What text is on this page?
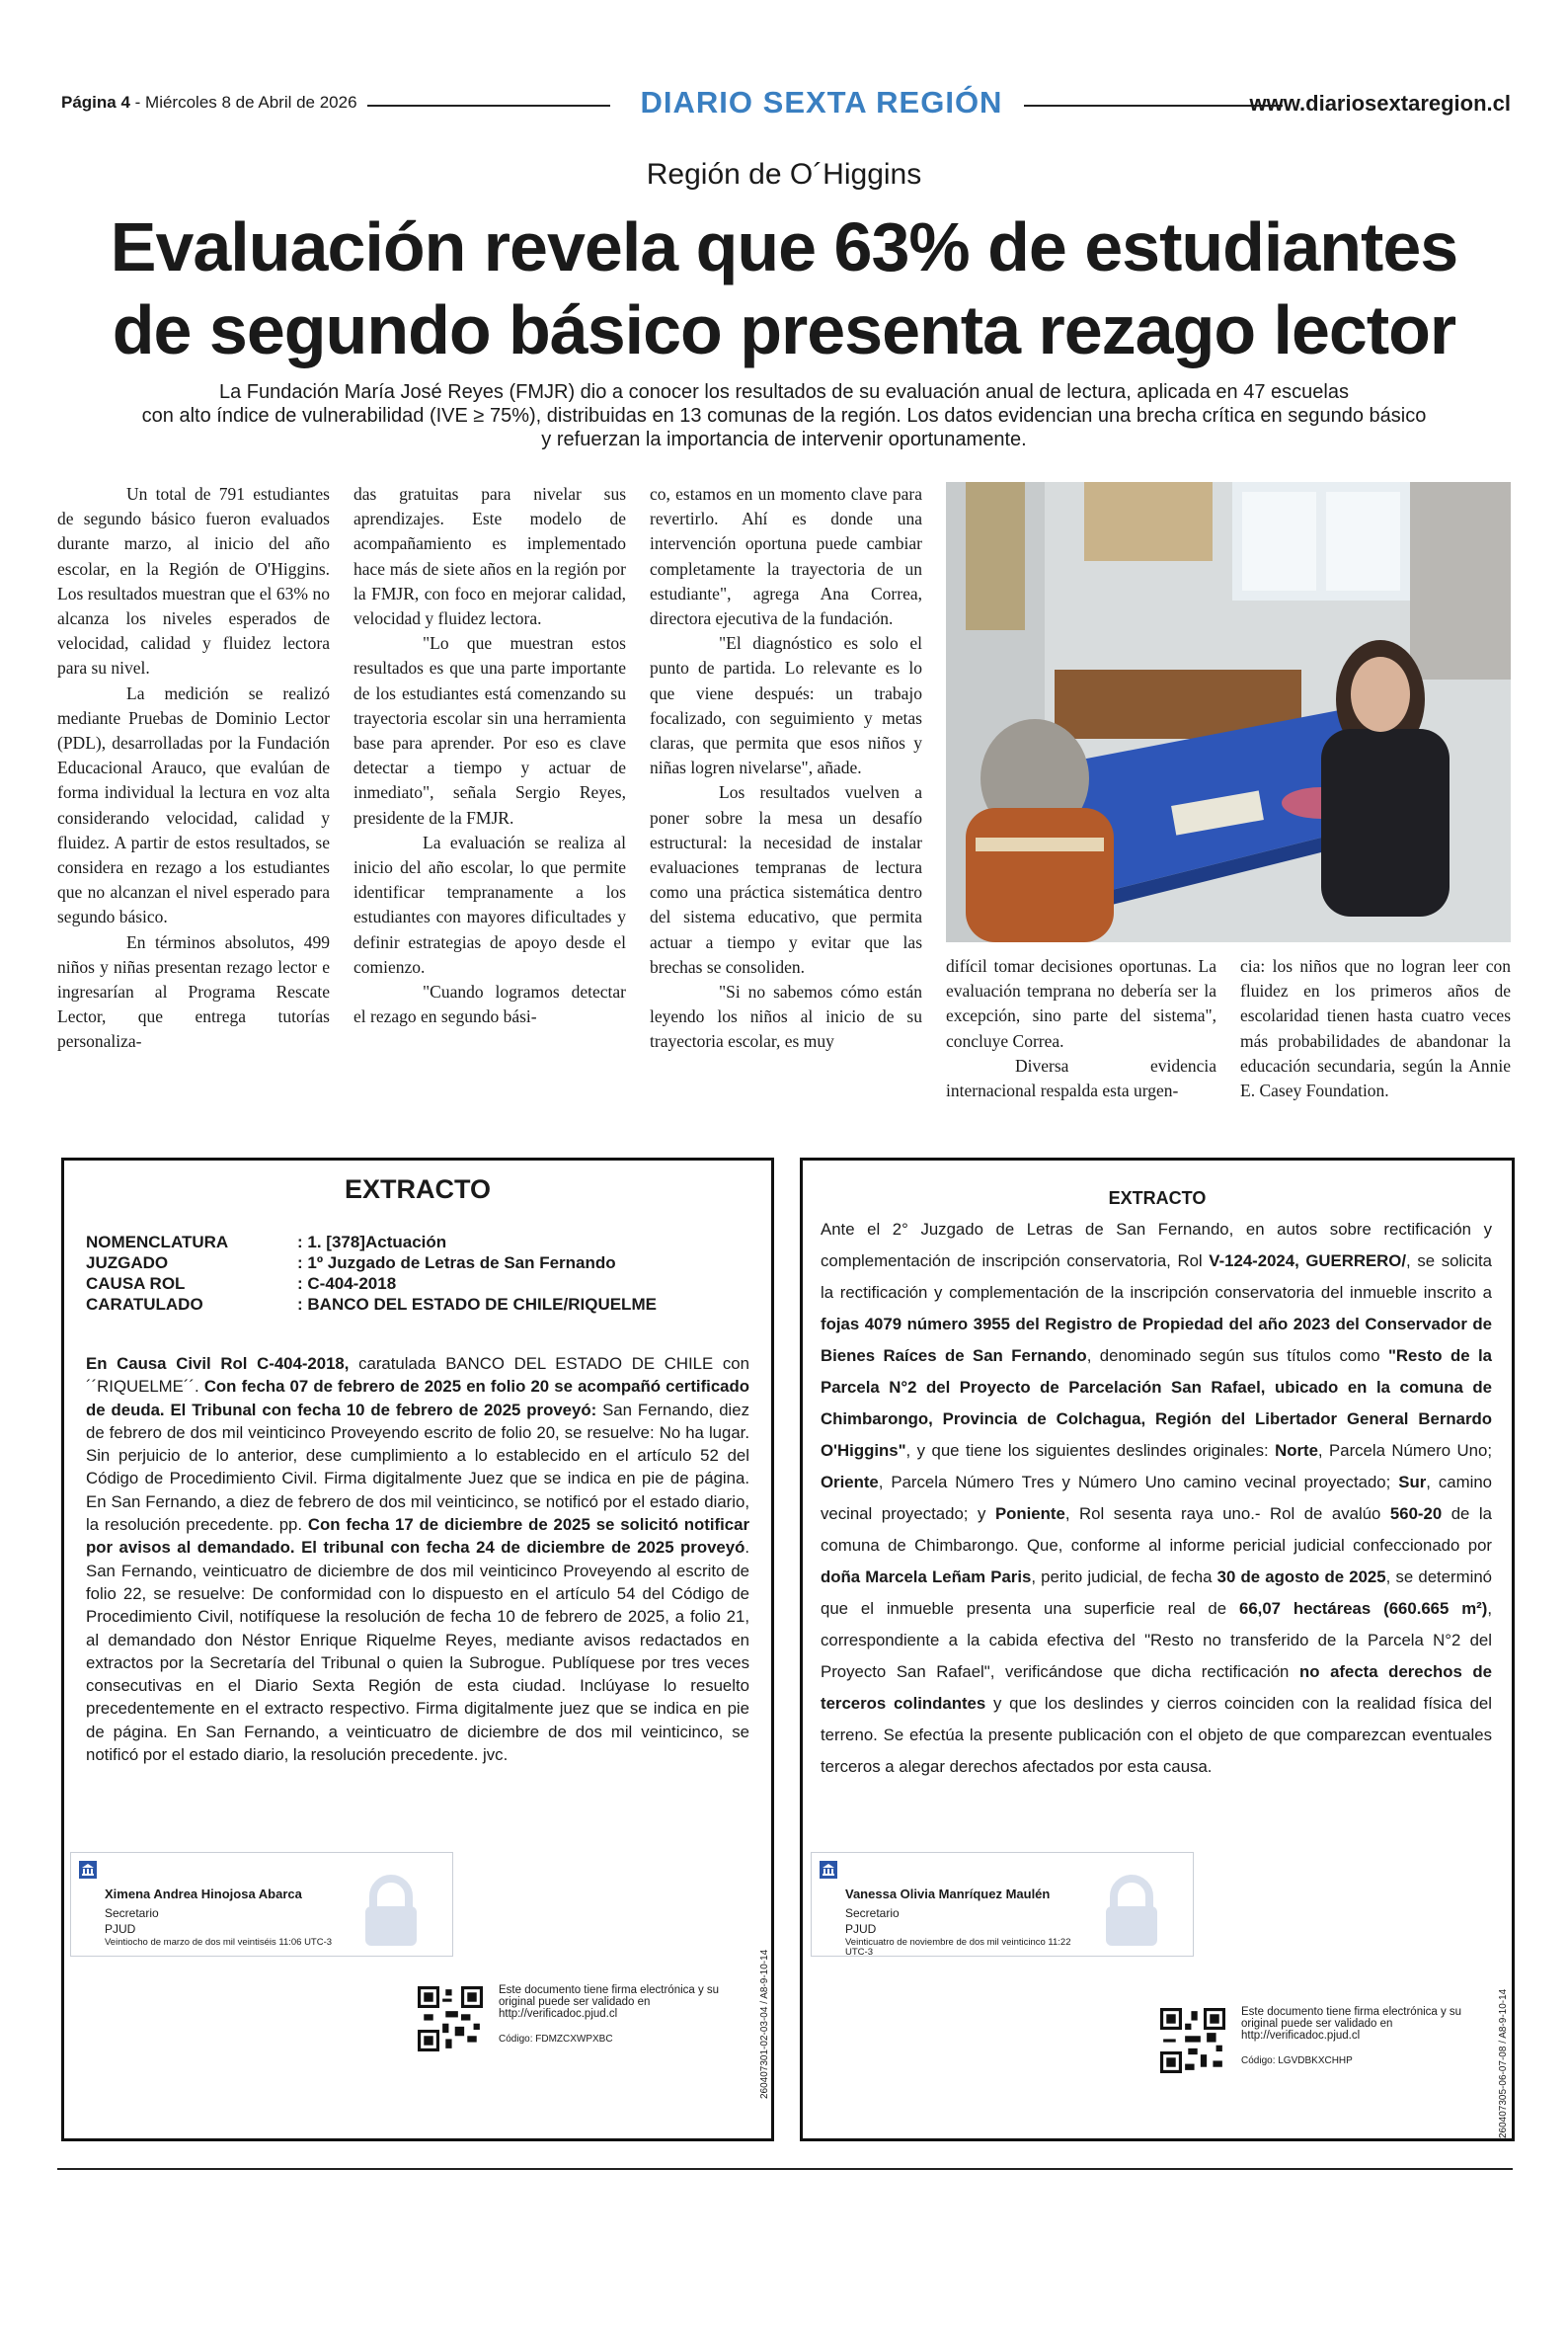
Página 4 - Miércoles 8 de Abril de 2026	DIARIO SEXTA REGIÓN	www.diariosextaregion.cl
Región de O´Higgins
Evaluación revela que 63% de estudiantes
de segundo básico presenta rezago lector
La Fundación María José Reyes (FMJR) dio a conocer los resultados de su evaluación anual de lectura, aplicada en 47 escuelas
con alto índice de vulnerabilidad (IVE ≥ 75%), distribuidas en 13 comunas de la región. Los datos evidencian una brecha crítica en segundo básico
y refuerzan la importancia de intervenir oportunamente.

Un total de 791 estudiantes de segundo básico fueron evaluados durante marzo, al inicio del año escolar, en la Región de O'Higgins. Los resultados muestran que el 63% no alcanza los niveles esperados de velocidad, calidad y fluidez lectora para su nivel.

La medición se realizó mediante Pruebas de Dominio Lector (PDL), desarrolladas por la Fundación Educacional Arauco, que evalúan de forma individual la lectura en voz alta considerando velocidad, calidad y fluidez. A partir de estos resultados, se considera en rezago a los estudiantes que no alcanzan el nivel esperado para segundo básico.

En términos absolutos, 499 niños y niñas presentan rezago lector e ingresarían al Programa Rescate Lector, que entrega tutorías personaliza-

das gratuitas para nivelar sus aprendizajes. Este modelo de acompañamiento es implementado hace más de siete años en la región por la FMJR, con foco en mejorar calidad, velocidad y fluidez lectora.

"Lo que muestran estos resultados es que una parte importante de los estudiantes está comenzando su trayectoria escolar sin una herramienta base para aprender. Por eso es clave detectar a tiempo y actuar de inmediato", señala Sergio Reyes, presidente de la FMJR.

La evaluación se realiza al inicio del año escolar, lo que permite identificar tempranamente a los estudiantes con mayores dificultades y definir estrategias de apoyo desde el comienzo.

"Cuando logramos detectar el rezago en segundo bási-

co, estamos en un momento clave para revertirlo. Ahí es donde una intervención oportuna puede cambiar completamente la trayectoria de un estudiante", agrega Ana Correa, directora ejecutiva de la fundación.

"El diagnóstico es solo el punto de partida. Lo relevante es lo que viene después: un trabajo focalizado, con seguimiento y metas claras, que permita que esos niños y niñas logren nivelarse", añade.

Los resultados vuelven a poner sobre la mesa un desafío estructural: la necesidad de instalar evaluaciones tempranas de lectura como una práctica sistemática dentro del sistema educativo, que permita actuar a tiempo y evitar que las brechas se consoliden.

"Si no sabemos cómo están leyendo los niños al inicio de su trayectoria escolar, es muy

difícil tomar decisiones oportunas. La evaluación temprana no debería ser la excepción, sino parte del sistema", concluye Correa.

Diversa evidencia internacional respalda esta urgen-

cia: los niños que no logran leer con fluidez en los primeros años de escolaridad tienen hasta cuatro veces más probabilidades de abandonar la educación secundaria, según la Annie E. Casey Foundation.

EXTRACTO
NOMENCLATURA	: 1. [378]Actuación
JUZGADO	: 1º Juzgado de Letras de San Fernando
CAUSA ROL	: C-404-2018
CARATULADO	: BANCO DEL ESTADO DE CHILE/RIQUELME
En Causa Civil Rol C-404-2018, caratulada BANCO DEL ESTADO DE CHILE con ´´RIQUELME´´. Con fecha 07 de febrero de 2025 en folio 20 se acompañó certificado de deuda. El Tribunal con fecha 10 de febrero de 2025 proveyó: San Fernando, diez de febrero de dos mil veinticinco Proveyendo escrito de folio 20, se resuelve: No ha lugar. Sin perjuicio de lo anterior, dese cumplimiento a lo establecido en el artículo 52 del Código de Procedimiento Civil. Firma digitalmente Juez que se indica en pie de página. En San Fernando, a diez de febrero de dos mil veinticinco, se notificó por el estado diario, la resolución precedente. pp. Con fecha 17 de diciembre de 2025 se solicitó notificar por avisos al demandado. El tribunal con fecha 24 de diciembre de 2025 proveyó. San Fernando, veinticuatro de diciembre de dos mil veinticinco Proveyendo al escrito de folio 22, se resuelve: De conformidad con lo dispuesto en el artículo 54 del Código de Procedimiento Civil, notifíquese la resolución de fecha 10 de febrero de 2025, a folio 21, al demandado don Néstor Enrique Riquelme Reyes, mediante avisos redactados en extractos por la Secretaría del Tribunal o quien la Subrogue. Publíquese por tres veces consecutivas en el Diario Sexta Región de esta ciudad. Inclúyase lo resuelto precedentemente en el extracto respectivo. Firma digitalmente juez que se indica en pie de página. En San Fernando, a veinticuatro de diciembre de dos mil veinticinco, se notificó por el estado diario, la resolución precedente. jvc.
Ximena Andrea Hinojosa Abarca
Secretario
PJUD
Veintiocho de marzo de dos mil veintiséis 11:06 UTC-3
260407301-02-03-04 / A8-9-10-14
Este documento tiene firma electrónica y su original puede ser validado en http://verificadoc.pjud.cl
Código: FDMZCXWPXBC
EXTRACTO
Ante el 2° Juzgado de Letras de San Fernando, en autos sobre rectificación y complementación de inscripción conservatoria, Rol V-124-2024, GUERRERO/, se solicita la rectificación y complementación de la inscripción conservatoria del inmueble inscrito a fojas 4079 número 3955 del Registro de Propiedad del año 2023 del Conservador de Bienes Raíces de San Fernando, denominado según sus títulos como "Resto de la Parcela N°2 del Proyecto de Parcelación San Rafael, ubicado en la comuna de Chimbarongo, Provincia de Colchagua, Región del Libertador General Bernardo O'Higgins", y que tiene los siguientes deslindes originales: Norte, Parcela Número Uno; Oriente, Parcela Número Tres y Número Uno camino vecinal proyectado; Sur, camino vecinal proyectado; y Poniente, Rol sesenta raya uno.- Rol de avalúo 560-20 de la comuna de Chimbarongo. Que, conforme al informe pericial judicial confeccionado por doña Marcela Leñam Paris, perito judicial, de fecha 30 de agosto de 2025, se determinó que el inmueble presenta una superficie real de 66,07 hectáreas (660.665 m²), correspondiente a la cabida efectiva del "Resto no transferido de la Parcela N°2 del Proyecto San Rafael", verificándose que dicha rectificación no afecta derechos de terceros colindantes y que los deslindes y cierros coinciden con la realidad física del terreno. Se efectúa la presente publicación con el objeto de que comparezcan eventuales terceros a alegar derechos afectados por esta causa.
Vanessa Olivia Manríquez Maulén
Secretario
PJUD
Veinticuatro de noviembre de dos mil veinticinco 11:22 UTC-3
260407305-06-07-08 / A8-9-10-14
Este documento tiene firma electrónica y su original puede ser validado en http://verificadoc.pjud.cl
Código: LGVDBKXCHHP
